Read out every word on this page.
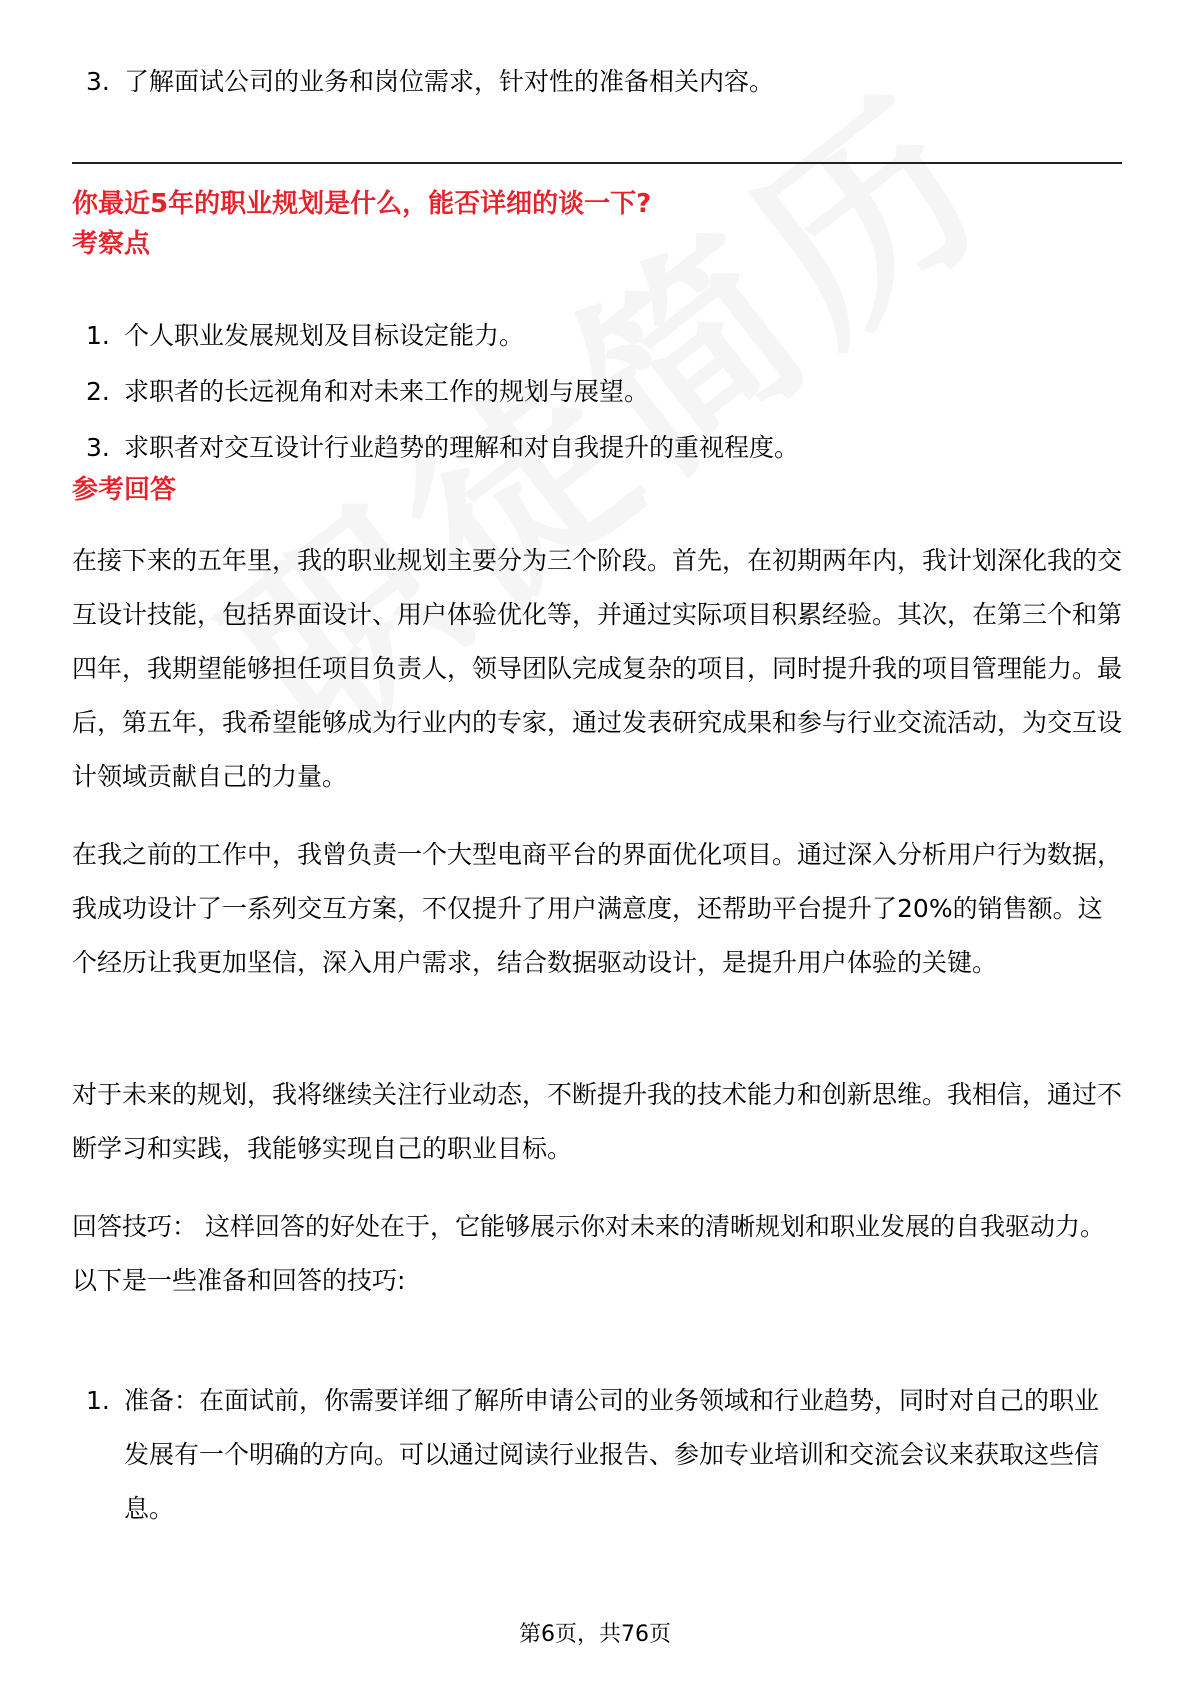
3. 了解面试公司的业务和岗位需求，针对性的准备相关内容。
你最近5年的职业规划是什么，能否详细的谈一下?
考察点
1. 个人职业发展规划及目标设定能力。
2. 求职者的长远视角和对未来工作的规划与展望。
3. 求职者对交互设计行业趋势的理解和对自我提升的重视程度。
参考回答

在接下来的五年里，我的职业规划主要分为三个阶段。首先，在初期两年内，我计划深化我的交互设计技能，包括界面设计、用户体验优化等，并通过实际项目积累经验。其次，在第三个和第四年，我期望能够担任项目负责人，领导团队完成复杂的项目，同时提升我的项目管理能力。最后，第五年，我希望能够成为行业内的专家，通过发表研究成果和参与行业交流活动，为交互设计领域贡献自己的力量。

在我之前的工作中，我曾负责一个大型电商平台的界面优化项目。通过深入分析用户行为数据，我成功设计了一系列交互方案，不仅提升了用户满意度，还帮助平台提升了20%的销售额。这个经历让我更加坚信，深入用户需求，结合数据驱动设计，是提升用户体验的关键。

对于未来的规划，我将继续关注行业动态，不断提升我的技术能力和创新思维。我相信，通过不断学习和实践，我能够实现自己的职业目标。

回答技巧： 这样回答的好处在于，它能够展示你对未来的清晰规划和职业发展的自我驱动力。以下是一些准备和回答的技巧:

1. 准备：在面试前，你需要详细了解所申请公司的业务领域和行业趋势，同时对自己的职业发展有一个明确的方向。可以通过阅读行业报告、参加专业培训和交流会议来获取这些信息。
第6页，共76页
